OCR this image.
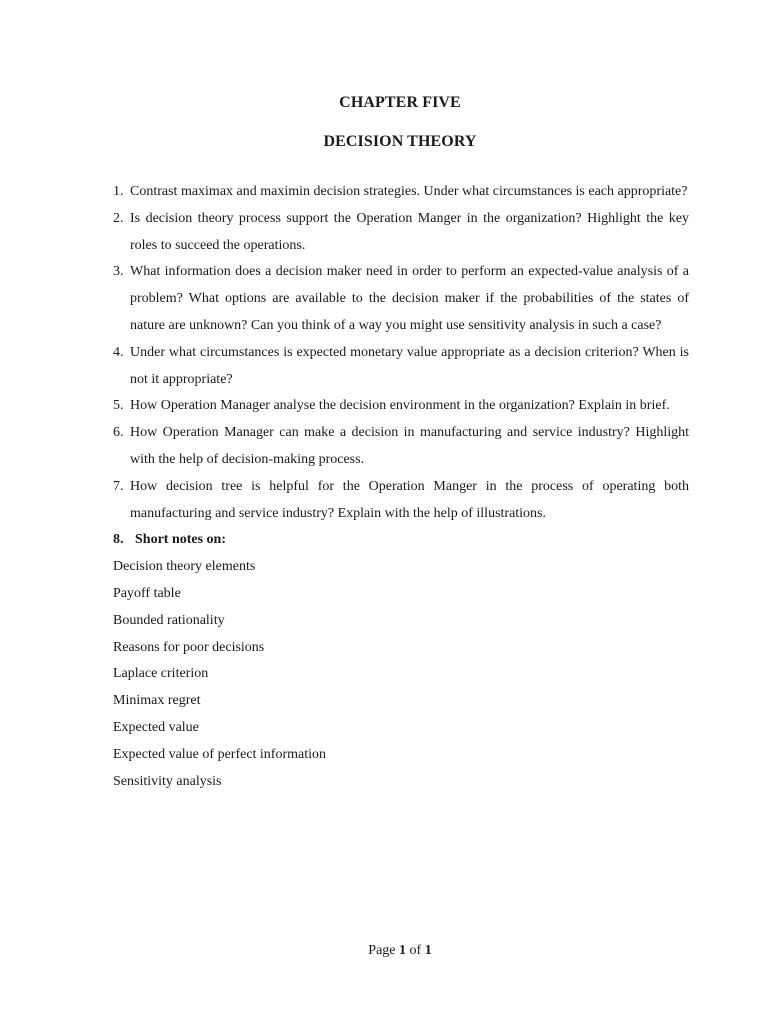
CHAPTER FIVE
DECISION THEORY
1. Contrast maximax and maximin decision strategies. Under what circumstances is each appropriate?
2. Is decision theory process support the Operation Manger in the organization? Highlight the key roles to succeed the operations.
3. What information does a decision maker need in order to perform an expected-value analysis of a problem? What options are available to the decision maker if the probabilities of the states of nature are unknown? Can you think of a way you might use sensitivity analysis in such a case?
4. Under what circumstances is expected monetary value appropriate as a decision criterion? When is not it appropriate?
5. How Operation Manager analyse the decision environment in the organization? Explain in brief.
6. How Operation Manager can make a decision in manufacturing and service industry? Highlight with the help of decision-making process.
7. How decision tree is helpful for the Operation Manger in the process of operating both manufacturing and service industry? Explain with the help of illustrations.
8. Short notes on:
Decision theory elements
Payoff table
Bounded rationality
Reasons for poor decisions
Laplace criterion
Minimax regret
Expected value
Expected value of perfect information
Sensitivity analysis
Page 1 of 1
